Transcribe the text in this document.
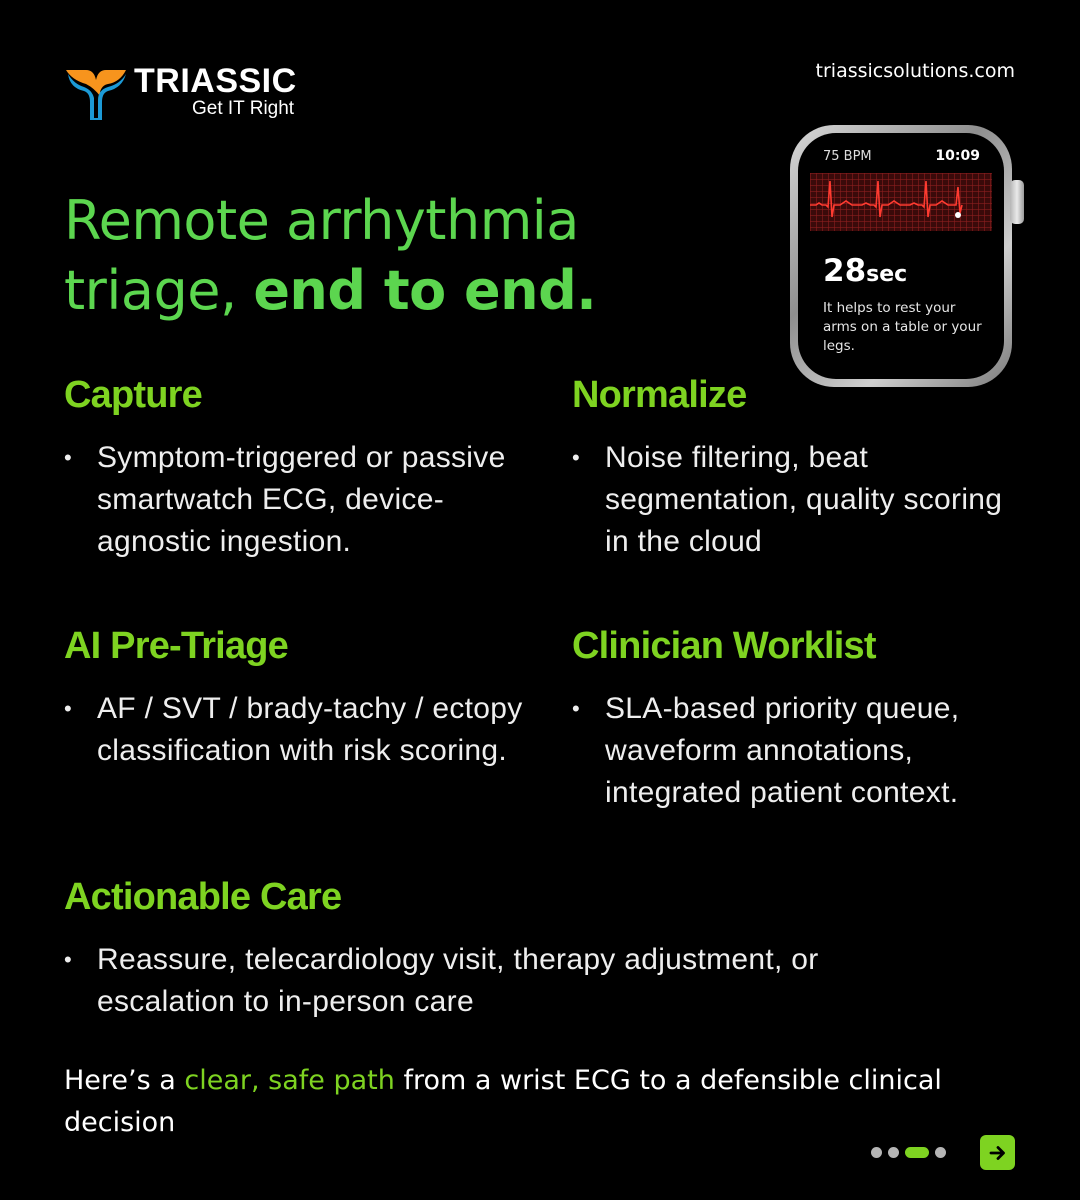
TRIASSIC
Get IT Right
triassicsolutions.com
Remote arrhythmia
triage, end to end.
75 BPM	10:09
28sec
It helps to rest your arms on a table or your legs.
Capture
• Symptom-triggered or passive smartwatch ECG, device-agnostic ingestion.
Normalize
• Noise filtering, beat segmentation, quality scoring in the cloud
AI Pre-Triage
• AF / SVT / brady-tachy / ectopy classification with risk scoring.
Clinician Worklist
• SLA-based priority queue, waveform annotations, integrated patient context.
Actionable Care
• Reassure, telecardiology visit, therapy adjustment, or escalation to in-person care

Here’s a clear, safe path from a wrist ECG to a defensible clinical decision
